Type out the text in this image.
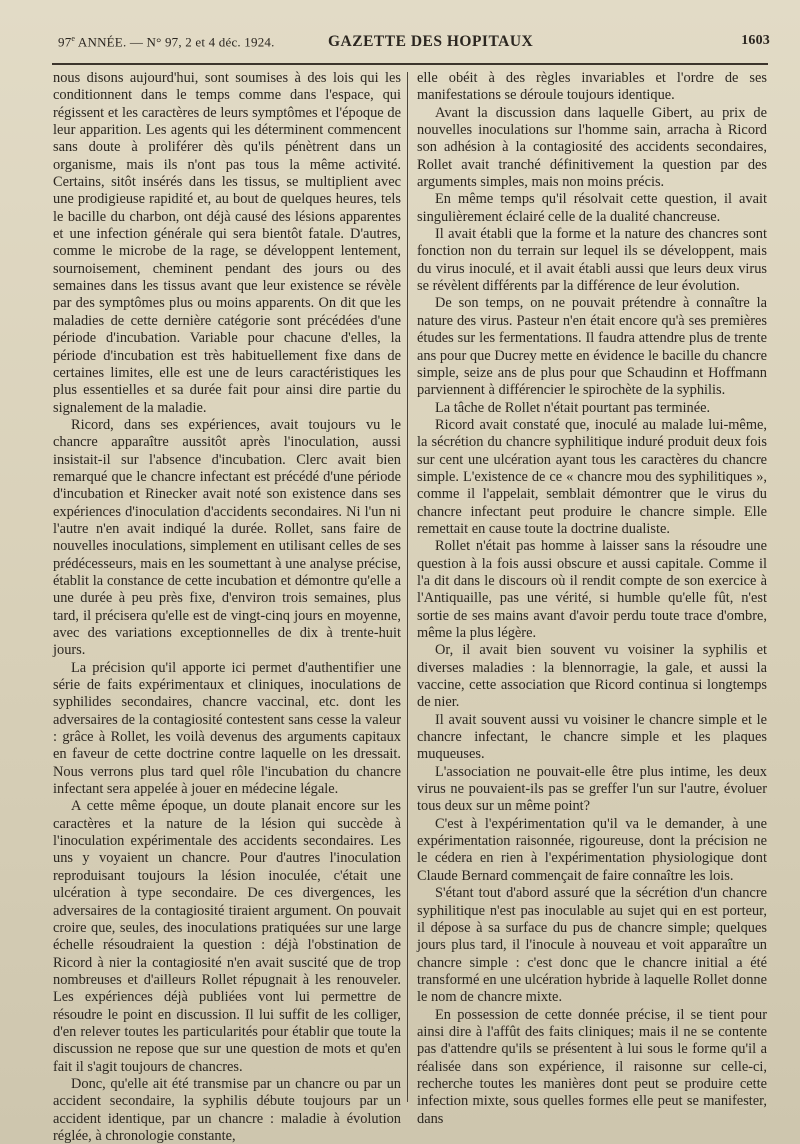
97e ANNÉE. — N° 97, 2 et 4 déc. 1924.	GAZETTE DES HOPITAUX	1603

nous disons aujourd'hui, sont soumises à des lois qui les conditionnent dans le temps comme dans l'espace, qui régissent et les caractères de leurs symptômes et l'époque de leur apparition. Les agents qui les déterminent commencent sans doute à proliférer dès qu'ils pénètrent dans un organisme, mais ils n'ont pas tous la même activité. Certains, sitôt insérés dans les tissus, se multiplient avec une prodigieuse rapidité et, au bout de quelques heures, tels le bacille du charbon, ont déjà causé des lésions apparentes et une infection générale qui sera bientôt fatale. D'autres, comme le microbe de la rage, se développent lentement, sournoisement, cheminent pendant des jours ou des semaines dans les tissus avant que leur existence se révèle par des symptômes plus ou moins apparents. On dit que les maladies de cette dernière catégorie sont précédées d'une période d'incubation. Variable pour chacune d'elles, la période d'incubation est très habituellement fixe dans de certaines limites, elle est une de leurs caractéristiques les plus essentielles et sa durée fait pour ainsi dire partie du signalement de la maladie.

Ricord, dans ses expériences, avait toujours vu le chancre apparaître aussitôt après l'inoculation, aussi insistait-il sur l'absence d'incubation. Clerc avait bien remarqué que le chancre infectant est précédé d'une période d'incubation et Rinecker avait noté son existence dans ses expériences d'inoculation d'accidents secondaires. Ni l'un ni l'autre n'en avait indiqué la durée. Rollet, sans faire de nouvelles inoculations, simplement en utilisant celles de ses prédécesseurs, mais en les soumettant à une analyse précise, établit la constance de cette incubation et démontre qu'elle a une durée à peu près fixe, d'environ trois semaines, plus tard, il précisera qu'elle est de vingt-cinq jours en moyenne, avec des variations exceptionnelles de dix à trente-huit jours.

La précision qu'il apporte ici permet d'authentifier une série de faits expérimentaux et cliniques, inoculations de syphilides secondaires, chancre vaccinal, etc. dont les adversaires de la contagiosité contestent sans cesse la valeur : grâce à Rollet, les voilà devenus des arguments capitaux en faveur de cette doctrine contre laquelle on les dressait. Nous verrons plus tard quel rôle l'incubation du chancre infectant sera appelée à jouer en médecine légale.

A cette même époque, un doute planait encore sur les caractères et la nature de la lésion qui succède à l'inoculation expérimentale des accidents secondaires. Les uns y voyaient un chancre. Pour d'autres l'inoculation reproduisant toujours la lésion inoculée, c'était une ulcération à type secondaire. De ces divergences, les adversaires de la contagiosité tiraient argument. On pouvait croire que, seules, des inoculations pratiquées sur une large échelle résoudraient la question : déjà l'obstination de Ricord à nier la contagiosité n'en avait suscité que de trop nombreuses et d'ailleurs Rollet répugnait à les renouveler. Les expériences déjà publiées vont lui permettre de résoudre le point en discussion. Il lui suffit de les colliger, d'en relever toutes les particularités pour établir que toute la discussion ne repose que sur une question de mots et qu'en fait il s'agit toujours de chancres.

Donc, qu'elle ait été transmise par un chancre ou par un accident secondaire, la syphilis débute toujours par un accident identique, par un chancre : maladie à évolution réglée, à chronologie constante,

elle obéit à des règles invariables et l'ordre de ses manifestations se déroule toujours identique.

Avant la discussion dans laquelle Gibert, au prix de nouvelles inoculations sur l'homme sain, arracha à Ricord son adhésion à la contagiosité des accidents secondaires, Rollet avait tranché définitivement la question par des arguments simples, mais non moins précis.

En même temps qu'il résolvait cette question, il avait singulièrement éclairé celle de la dualité chancreuse.

Il avait établi que la forme et la nature des chancres sont fonction non du terrain sur lequel ils se développent, mais du virus inoculé, et il avait établi aussi que leurs deux virus se révèlent différents par la différence de leur évolution.

De son temps, on ne pouvait prétendre à connaître la nature des virus. Pasteur n'en était encore qu'à ses premières études sur les fermentations. Il faudra attendre plus de trente ans pour que Ducrey mette en évidence le bacille du chancre simple, seize ans de plus pour que Schaudinn et Hoffmann parviennent à différencier le spirochète de la syphilis.

La tâche de Rollet n'était pourtant pas terminée.

Ricord avait constaté que, inoculé au malade lui-même, la sécrétion du chancre syphilitique induré produit deux fois sur cent une ulcération ayant tous les caractères du chancre simple. L'existence de ce « chancre mou des syphilitiques », comme il l'appelait, semblait démontrer que le virus du chancre infectant peut produire le chancre simple. Elle remettait en cause toute la doctrine dualiste.

Rollet n'était pas homme à laisser sans la résoudre une question à la fois aussi obscure et aussi capitale. Comme il l'a dit dans le discours où il rendit compte de son exercice à l'Antiquaille, pas une vérité, si humble qu'elle fût, n'est sortie de ses mains avant d'avoir perdu toute trace d'ombre, même la plus légère.

Or, il avait bien souvent vu voisiner la syphilis et diverses maladies : la blennorragie, la gale, et aussi la vaccine, cette association que Ricord continua si longtemps de nier.

Il avait souvent aussi vu voisiner le chancre simple et le chancre infectant, le chancre simple et les plaques muqueuses.

L'association ne pouvait-elle être plus intime, les deux virus ne pouvaient-ils pas se greffer l'un sur l'autre, évoluer tous deux sur un même point?

C'est à l'expérimentation qu'il va le demander, à une expérimentation raisonnée, rigoureuse, dont la précision ne le cédera en rien à l'expérimentation physiologique dont Claude Bernard commençait de faire connaître les lois.

S'étant tout d'abord assuré que la sécrétion d'un chancre syphilitique n'est pas inoculable au sujet qui en est porteur, il dépose à sa surface du pus de chancre simple; quelques jours plus tard, il l'inocule à nouveau et voit apparaître un chancre simple : c'est donc que le chancre initial a été transformé en une ulcération hybride à laquelle Rollet donne le nom de chancre mixte.

En possession de cette donnée précise, il se tient pour ainsi dire à l'affût des faits cliniques; mais il ne se contente pas d'attendre qu'ils se présentent à lui sous le forme qu'il a réalisée dans son expérience, il raisonne sur celle-ci, recherche toutes les manières dont peut se produire cette infection mixte, sous quelles formes elle peut se manifester, dans
